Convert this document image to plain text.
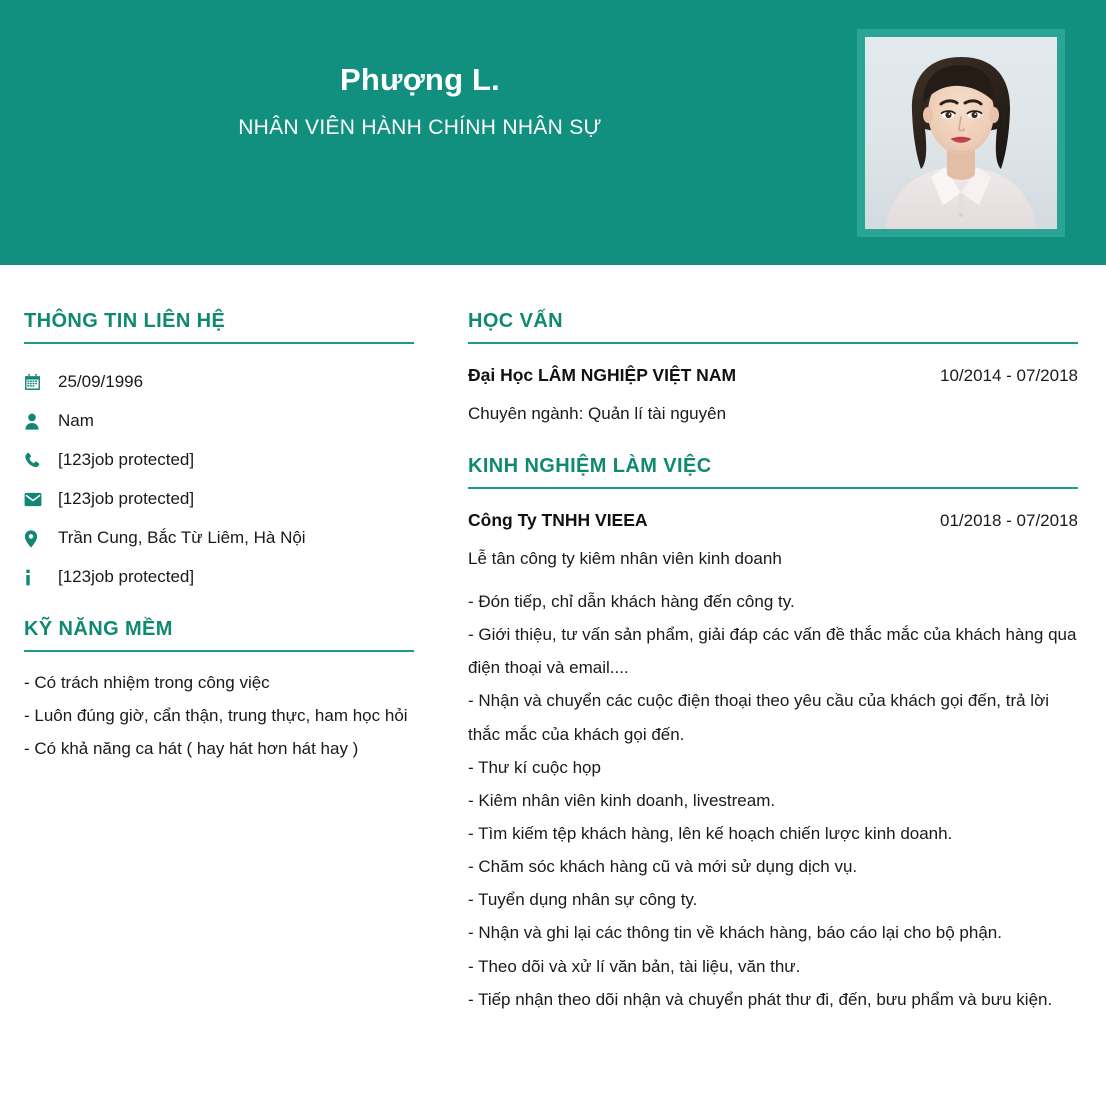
Phượng L.
NHÂN VIÊN HÀNH CHÍNH NHÂN SỰ
THÔNG TIN LIÊN HỆ
25/09/1996
Nam
[123job protected]
[123job protected]
Trần Cung, Bắc Từ Liêm, Hà Nội
[123job protected]
KỸ NĂNG MỀM
- Có trách nhiệm trong công việc
- Luôn đúng giờ, cẩn thận, trung thực, ham học hỏi
- Có khả năng ca hát ( hay hát hơn hát hay )
HỌC VẤN
Đại Học LÂM NGHIỆP VIỆT NAM	10/2014 - 07/2018
Chuyên ngành: Quản lí tài nguyên
KINH NGHIỆM LÀM VIỆC
Công Ty TNHH VIEEA	01/2018 - 07/2018
Lễ tân công ty kiêm nhân viên kinh doanh
- Đón tiếp, chỉ dẫn khách hàng đến công ty.
- Giới thiệu, tư vấn sản phẩm, giải đáp các vấn đề thắc mắc của khách hàng qua điện thoại và email....
- Nhận và chuyển các cuộc điện thoại theo yêu cầu của khách gọi đến, trả lời thắc mắc của khách gọi đến.
- Thư kí cuộc họp
- Kiêm nhân viên kinh doanh, livestream.
- Tìm kiếm tệp khách hàng, lên kế hoạch chiến lược kinh doanh.
- Chăm sóc khách hàng cũ và mới sử dụng dịch vụ.
- Tuyển dụng nhân sự công ty.
- Nhận và ghi lại các thông tin về khách hàng, báo cáo lại cho bộ phận.
- Theo dõi và xử lí văn bản, tài liệu, văn thư.
- Tiếp nhận theo dõi nhận và chuyển phát thư đi, đến, bưu phẩm và bưu kiện.
